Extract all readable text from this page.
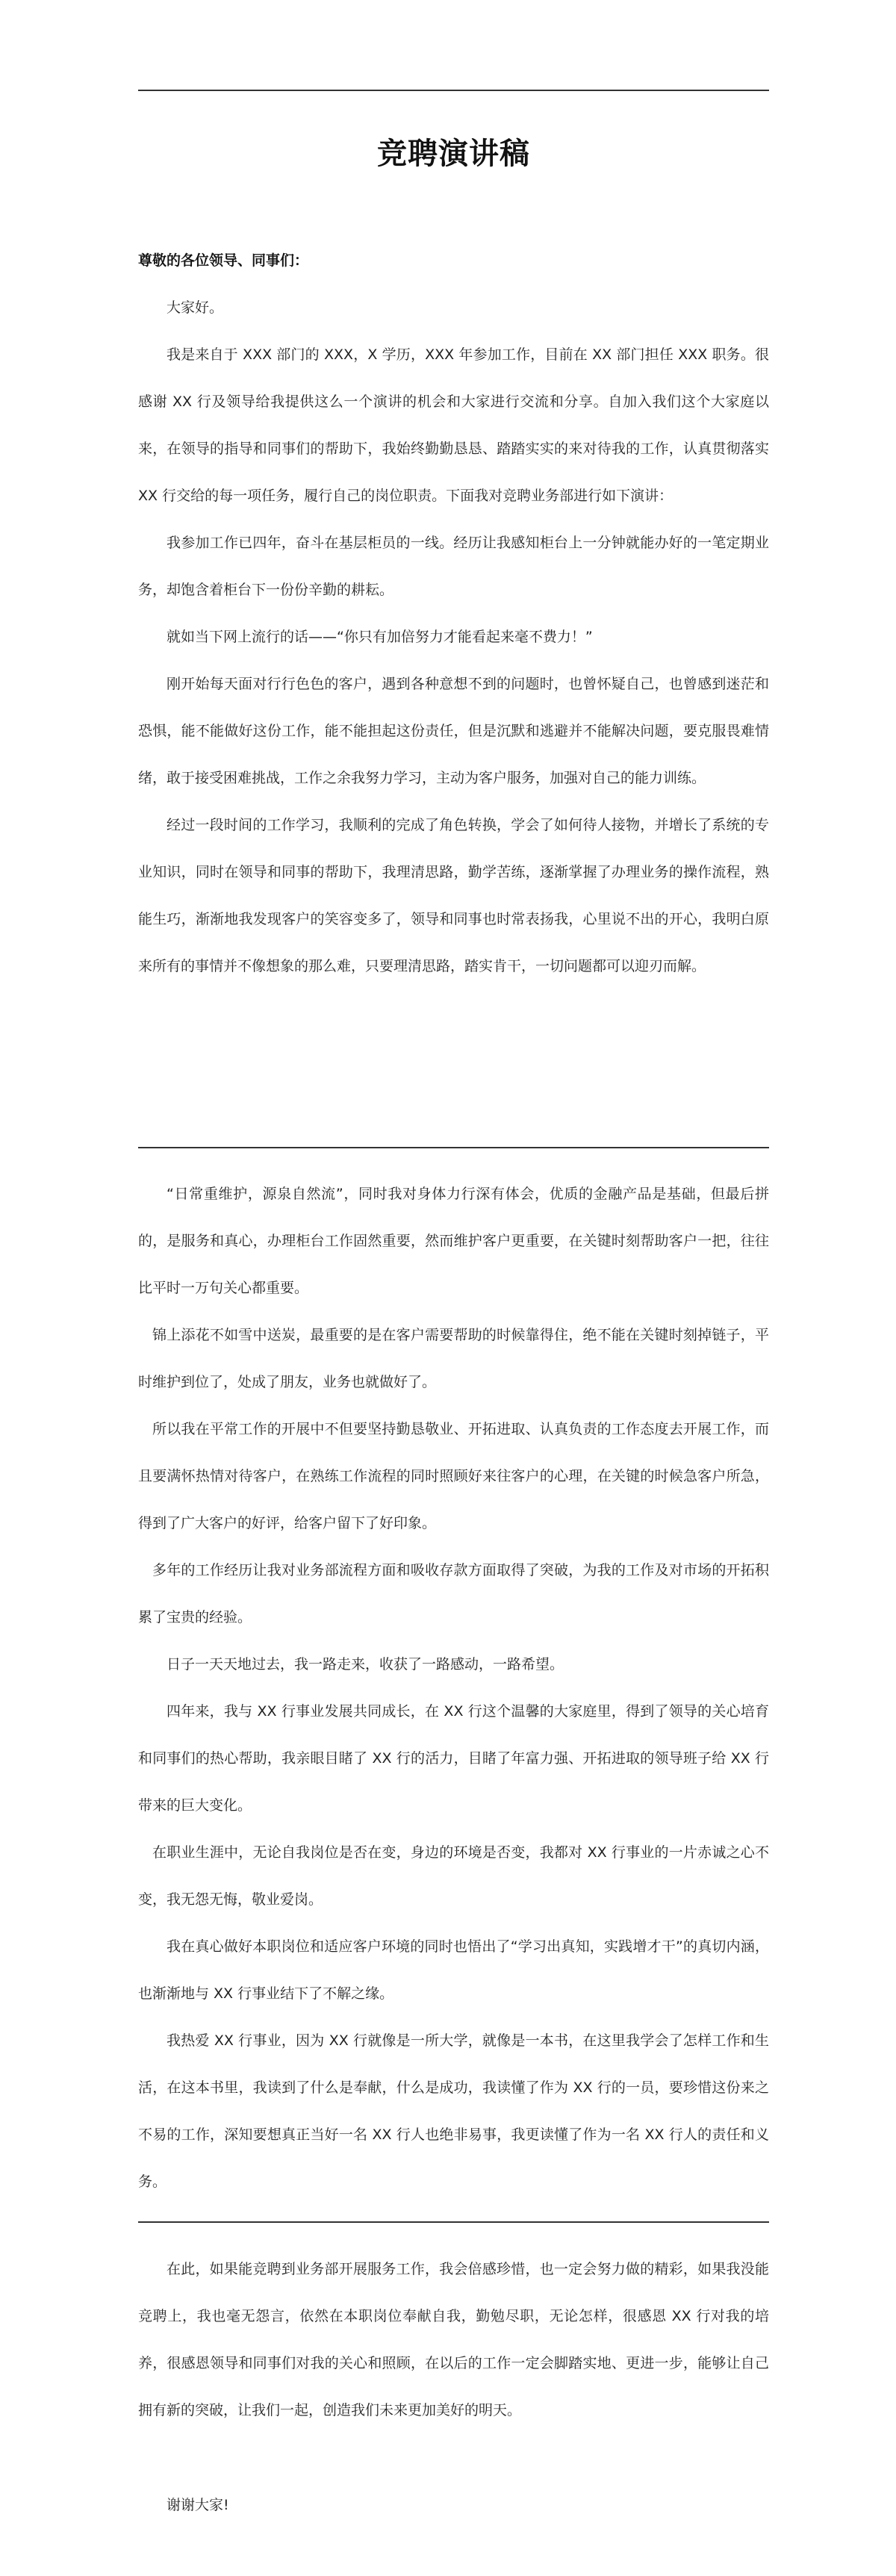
竞聘演讲稿

尊敬的各位领导、同事们：

大家好。

我是来自于 XXX 部门的 XXX，X 学历，XXX 年参加工作，目前在 XX 部门担任 XXX 职务。很感谢 XX 行及领导给我提供这么一个演讲的机会和大家进行交流和分享。自加入我们这个大家庭以来，在领导的指导和同事们的帮助下，我始终勤勤恳恳、踏踏实实的来对待我的工作，认真贯彻落实 XX 行交给的每一项任务，履行自己的岗位职责。下面我对竞聘业务部进行如下演讲：

我参加工作已四年，奋斗在基层柜员的一线。经历让我感知柜台上一分钟就能办好的一笔定期业务，却饱含着柜台下一份份辛勤的耕耘。

就如当下网上流行的话——“你只有加倍努力才能看起来毫不费力！”

刚开始每天面对行行色色的客户，遇到各种意想不到的问题时，也曾怀疑自己，也曾感到迷茫和恐惧，能不能做好这份工作，能不能担起这份责任，但是沉默和逃避并不能解决问题，要克服畏难情绪，敢于接受困难挑战，工作之余我努力学习，主动为客户服务，加强对自己的能力训练。

经过一段时间的工作学习，我顺利的完成了角色转换，学会了如何待人接物，并增长了系统的专业知识，同时在领导和同事的帮助下，我理清思路，勤学苦练，逐渐掌握了办理业务的操作流程，熟能生巧，渐渐地我发现客户的笑容变多了，领导和同事也时常表扬我，心里说不出的开心，我明白原来所有的事情并不像想象的那么难，只要理清思路，踏实肯干，一切问题都可以迎刃而解。

“日常重维护，源泉自然流”，同时我对身体力行深有体会，优质的金融产品是基础，但最后拼的，是服务和真心，办理柜台工作固然重要，然而维护客户更重要，在关键时刻帮助客户一把，往往比平时一万句关心都重要。

锦上添花不如雪中送炭，最重要的是在客户需要帮助的时候靠得住，绝不能在关键时刻掉链子，平时维护到位了，处成了朋友，业务也就做好了。

所以我在平常工作的开展中不但要坚持勤恳敬业、开拓进取、认真负责的工作态度去开展工作，而且要满怀热情对待客户，在熟练工作流程的同时照顾好来往客户的心理，在关键的时候急客户所急，得到了广大客户的好评，给客户留下了好印象。

多年的工作经历让我对业务部流程方面和吸收存款方面取得了突破，为我的工作及对市场的开拓积累了宝贵的经验。

日子一天天地过去，我一路走来，收获了一路感动，一路希望。

四年来，我与 XX 行事业发展共同成长，在 XX 行这个温馨的大家庭里，得到了领导的关心培育和同事们的热心帮助，我亲眼目睹了 XX 行的活力，目睹了年富力强、开拓进取的领导班子给 XX 行带来的巨大变化。

在职业生涯中，无论自我岗位是否在变，身边的环境是否变，我都对 XX 行事业的一片赤诚之心不变，我无怨无悔，敬业爱岗。

我在真心做好本职岗位和适应客户环境的同时也悟出了“学习出真知，实践增才干”的真切内涵，也渐渐地与 XX 行事业结下了不解之缘。

我热爱 XX 行事业，因为 XX 行就像是一所大学，就像是一本书，在这里我学会了怎样工作和生活，在这本书里，我读到了什么是奉献，什么是成功，我读懂了作为 XX 行的一员，要珍惜这份来之不易的工作，深知要想真正当好一名 XX 行人也绝非易事，我更读懂了作为一名 XX 行人的责任和义务。

在此，如果能竞聘到业务部开展服务工作，我会倍感珍惜，也一定会努力做的精彩，如果我没能竞聘上，我也毫无怨言，依然在本职岗位奉献自我，勤勉尽职，无论怎样，很感恩 XX 行对我的培养，很感恩领导和同事们对我的关心和照顾，在以后的工作一定会脚踏实地、更进一步，能够让自己拥有新的突破，让我们一起，创造我们未来更加美好的明天。

谢谢大家!
